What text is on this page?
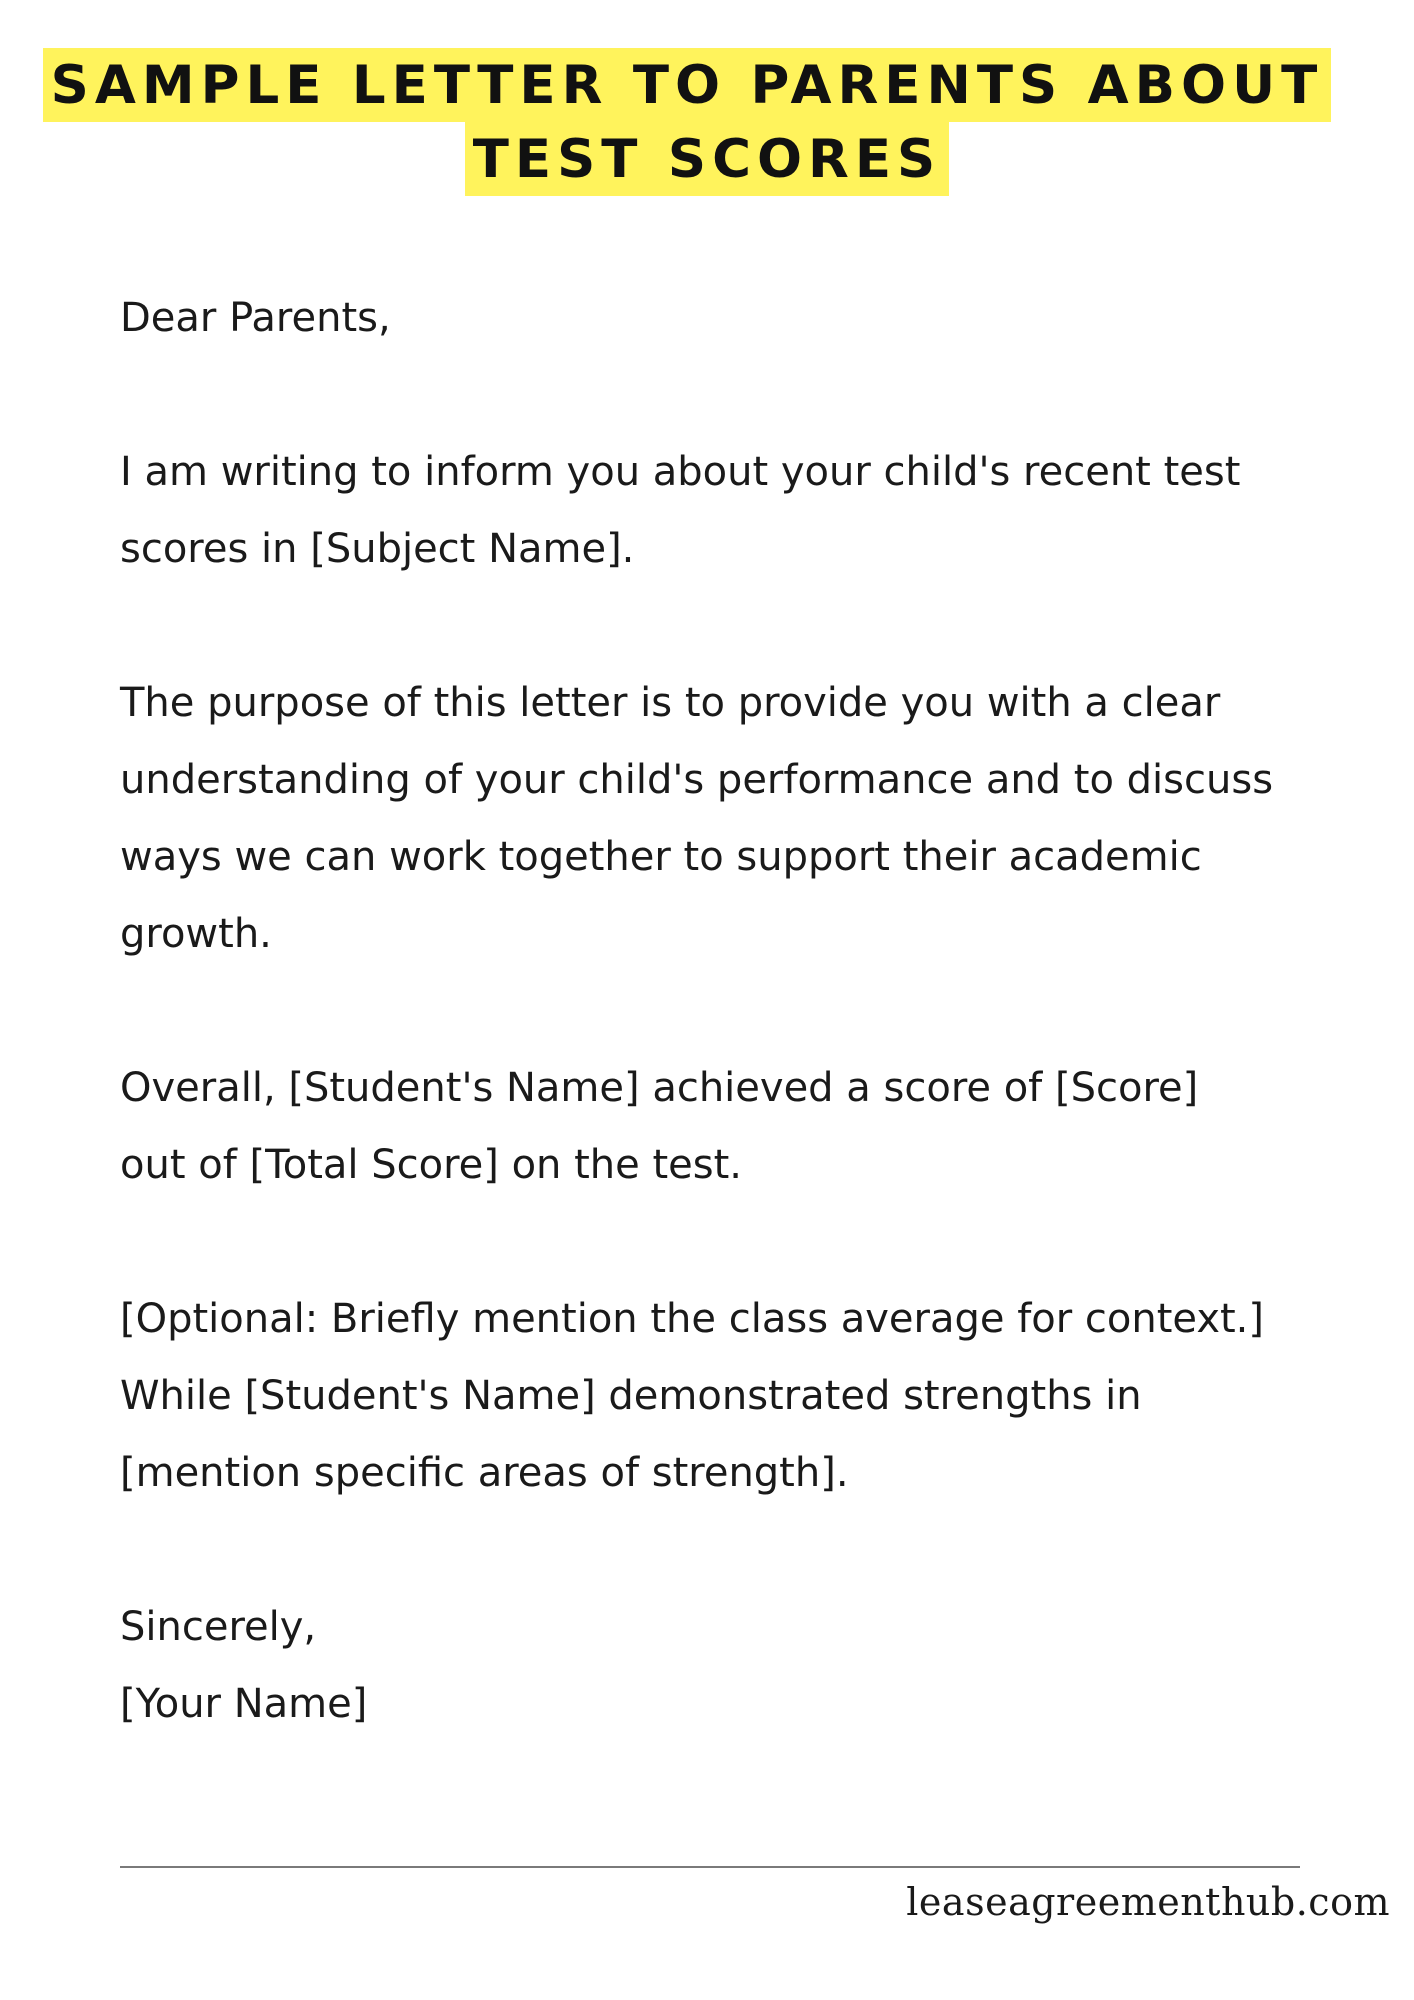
SAMPLE LETTER TO PARENTS ABOUT
TEST SCORES

Dear Parents,

I am writing to inform you about your child's recent test
scores in [Subject Name].

The purpose of this letter is to provide you with a clear
understanding of your child's performance and to discuss
ways we can work together to support their academic
growth.

Overall, [Student's Name] achieved a score of [Score]
out of [Total Score] on the test.

[Optional: Briefly mention the class average for context.]
While [Student's Name] demonstrated strengths in
[mention specific areas of strength].

Sincerely,
[Your Name]

leaseagreementhub.com
